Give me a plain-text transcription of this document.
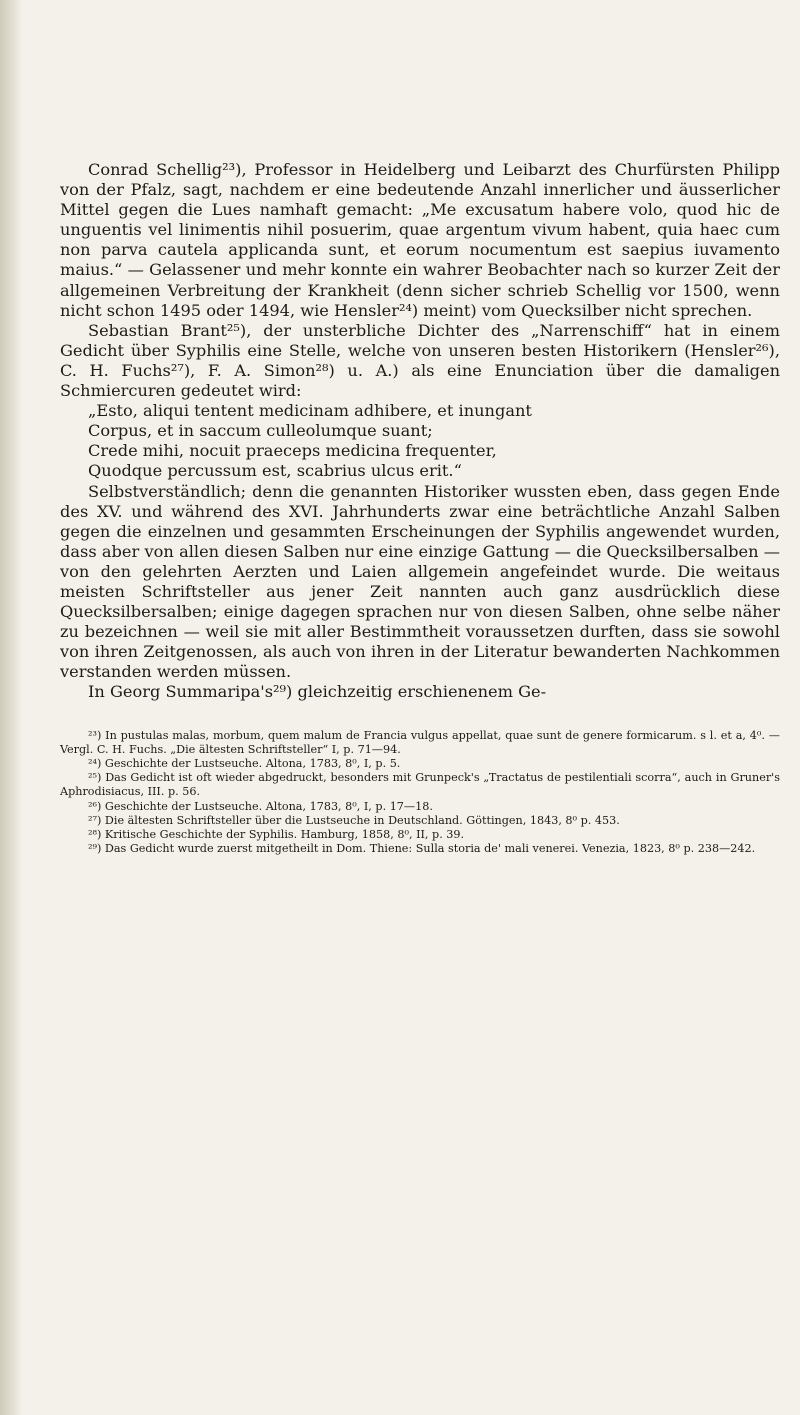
Conrad Schellig²³), Professor in Heidelberg und Leibarzt des Churfürsten Philipp von der Pfalz, sagt, nachdem er eine bedeutende Anzahl innerlicher und äusserlicher Mittel gegen die Lues namhaft gemacht: „Me excusatum habere volo, quod hic de unguentis vel linimentis nihil posuerim, quae argentum vivum habent, quia haec cum non parva cautela applicanda sunt, et eorum nocumentum est saepius iuvamento maius.“ — Gelassener und mehr konnte ein wahrer Beobachter nach so kurzer Zeit der allgemeinen Verbreitung der Krankheit (denn sicher schrieb Schellig vor 1500, wenn nicht schon 1495 oder 1494, wie Hensler²⁴) meint) vom Quecksilber nicht sprechen.

Sebastian Brant²⁵), der unsterbliche Dichter des „Narrenschiff“ hat in einem Gedicht über Syphilis eine Stelle, welche von unseren besten Historikern (Hensler²⁶), C. H. Fuchs²⁷), F. A. Simon²⁸) u. A.) als eine Enunciation über die damaligen Schmiercuren gedeutet wird:

„Esto, aliqui tentent medicinam adhibere, et inungant
Corpus, et in saccum culleolumque suant;
Crede mihi, nocuit praeceps medicina frequenter,
Quodque percussum est, scabrius ulcus erit.“

Selbstverständlich; denn die genannten Historiker wussten eben, dass gegen Ende des XV. und während des XVI. Jahrhunderts zwar eine beträchtliche Anzahl Salben gegen die einzelnen und gesammten Erscheinungen der Syphilis angewendet wurden, dass aber von allen diesen Salben nur eine einzige Gattung — die Quecksilbersalben — von den gelehrten Aerzten und Laien allgemein angefeindet wurde. Die weitaus meisten Schriftsteller aus jener Zeit nannten auch ganz ausdrücklich diese Quecksilbersalben; einige dagegen sprachen nur von diesen Salben, ohne selbe näher zu bezeichnen — weil sie mit aller Bestimmtheit voraussetzen durften, dass sie sowohl von ihren Zeitgenossen, als auch von ihren in der Literatur bewanderten Nachkommen verstanden werden müssen.

In Georg Summaripa's²⁹) gleichzeitig erschienenem Ge-

²³) In pustulas malas, morbum, quem malum de Francia vulgus appellat, quae sunt de genere formicarum. s l. et a, 4⁰. — Vergl. C. H. Fuchs. „Die ältesten Schriftsteller“ I, p. 71—94.

²⁴) Geschichte der Lustseuche. Altona, 1783, 8⁰, I, p. 5.

²⁵) Das Gedicht ist oft wieder abgedruckt, besonders mit Grunpeck's „Tractatus de pestilentiali scorra“, auch in Gruner's Aphrodisiacus, III. p. 56.

²⁶) Geschichte der Lustseuche. Altona, 1783, 8⁰, I, p. 17—18.

²⁷) Die ältesten Schriftsteller über die Lustseuche in Deutschland. Göttingen, 1843, 8⁰ p. 453.

²⁸) Kritische Geschichte der Syphilis. Hamburg, 1858, 8⁰, II, p. 39.

²⁹) Das Gedicht wurde zuerst mitgetheilt in Dom. Thiene: Sulla storia de' mali venerei. Venezia, 1823, 8⁰ p. 238—242.
